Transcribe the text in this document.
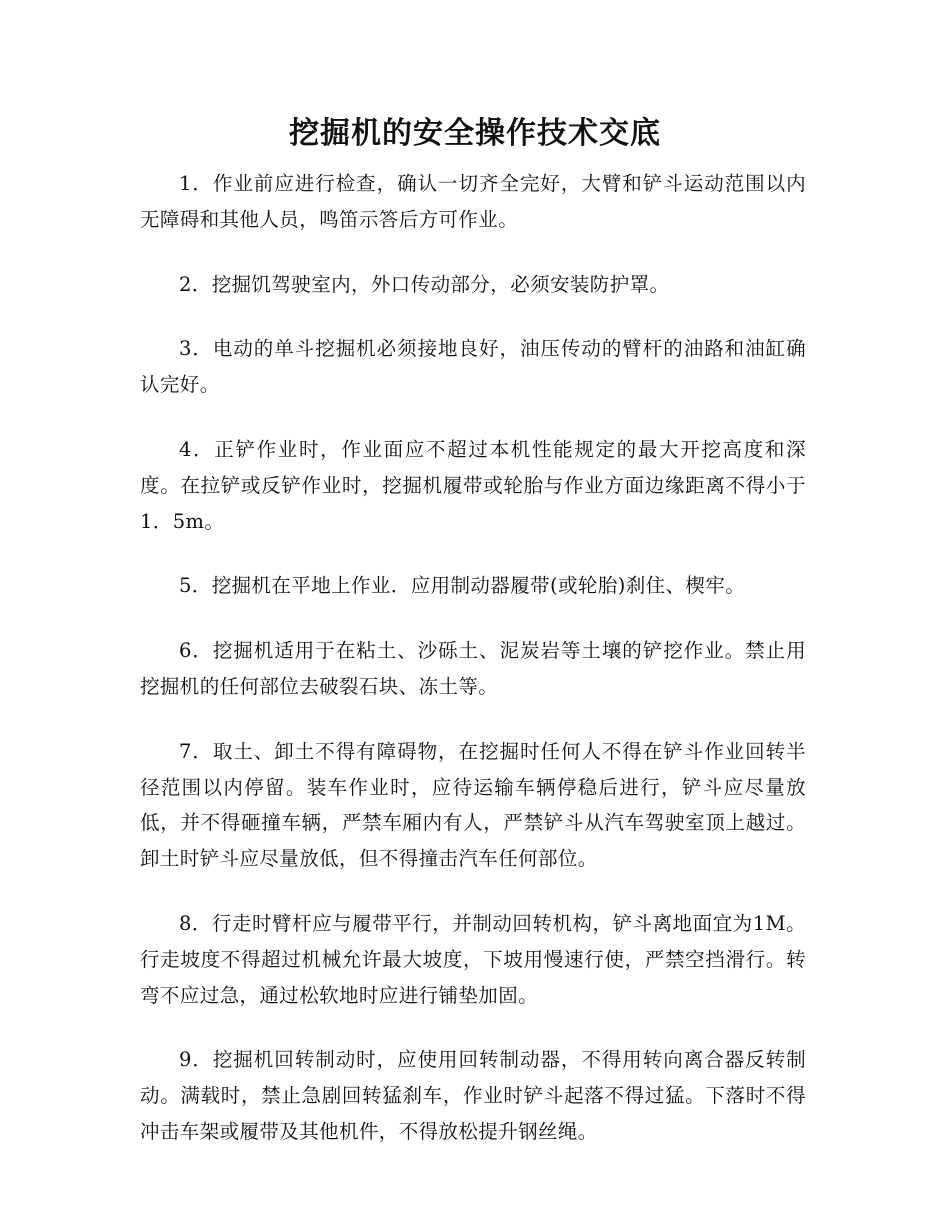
挖掘机的安全操作技术交底

1．作业前应进行检查，确认一切齐全完好，大臂和铲斗运动范围以内无障碍和其他人员，鸣笛示答后方可作业。

2．挖掘饥驾驶室内，外口传动部分，必须安装防护罩。

3．电动的单斗挖掘机必须接地良好，油压传动的臂杆的油路和油缸确认完好。

4．正铲作业时，作业面应不超过本机性能规定的最大开挖高度和深度。在拉铲或反铲作业时，挖掘机履带或轮胎与作业方面边缘距离不得小于1．5m。

5．挖掘机在平地上作业．应用制动器履带(或轮胎)刹住、楔牢。

6．挖掘机适用于在粘土、沙砾土、泥炭岩等土壤的铲挖作业。禁止用挖掘机的任何部位去破裂石块、冻土等。

7．取土、卸土不得有障碍物，在挖掘时任何人不得在铲斗作业回转半径范围以内停留。装车作业时，应待运输车辆停稳后进行，铲斗应尽量放低，并不得砸撞车辆，严禁车厢内有人，严禁铲斗从汽车驾驶室顶上越过。卸土时铲斗应尽量放低，但不得撞击汽车任何部位。

8．行走时臂杆应与履带平行，并制动回转机构，铲斗离地面宜为1M。行走坡度不得超过机械允许最大坡度，下坡用慢速行使，严禁空挡滑行。转弯不应过急，通过松软地时应进行铺垫加固。

9．挖掘机回转制动时，应使用回转制动器，不得用转向离合器反转制动。满载时，禁止急剧回转猛刹车，作业时铲斗起落不得过猛。下落时不得冲击车架或履带及其他机件，不得放松提升钢丝绳。
